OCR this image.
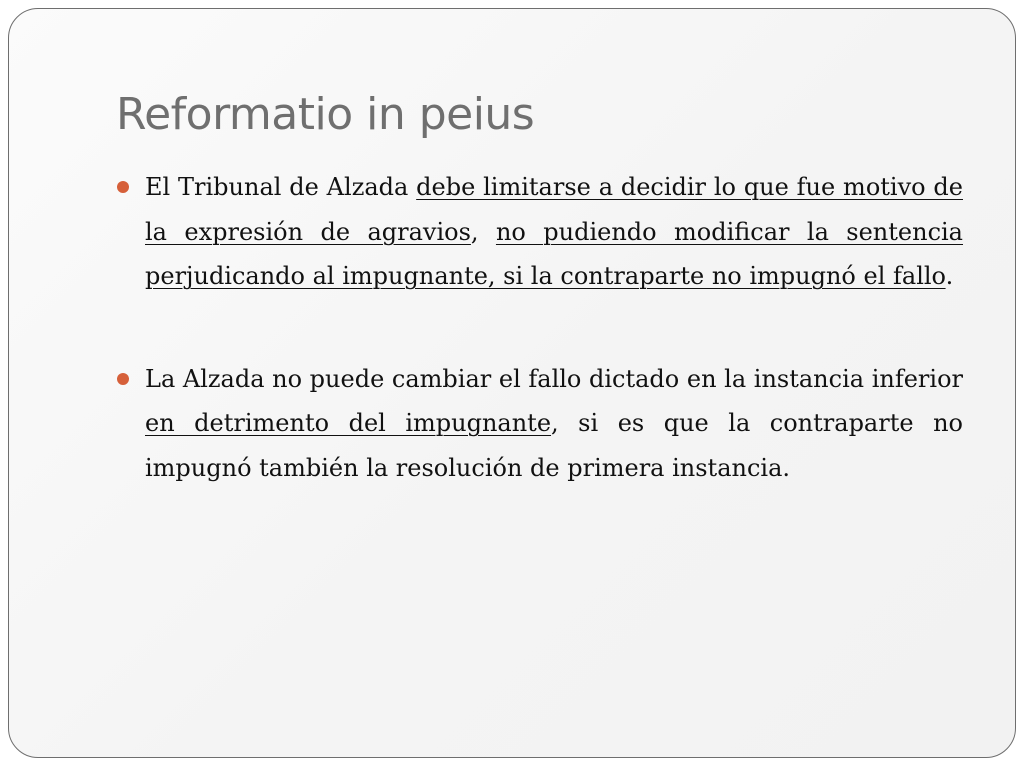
Reformatio in peius
El Tribunal de Alzada debe limitarse a decidir lo que fue motivo de la expresión de agravios, no pudiendo modificar la sentencia perjudicando al impugnante, si la contraparte no impugnó el fallo.
La Alzada no puede cambiar el fallo dictado en la instancia inferior en detrimento del impugnante, si es que la contraparte no impugnó también la resolución de primera instancia.
